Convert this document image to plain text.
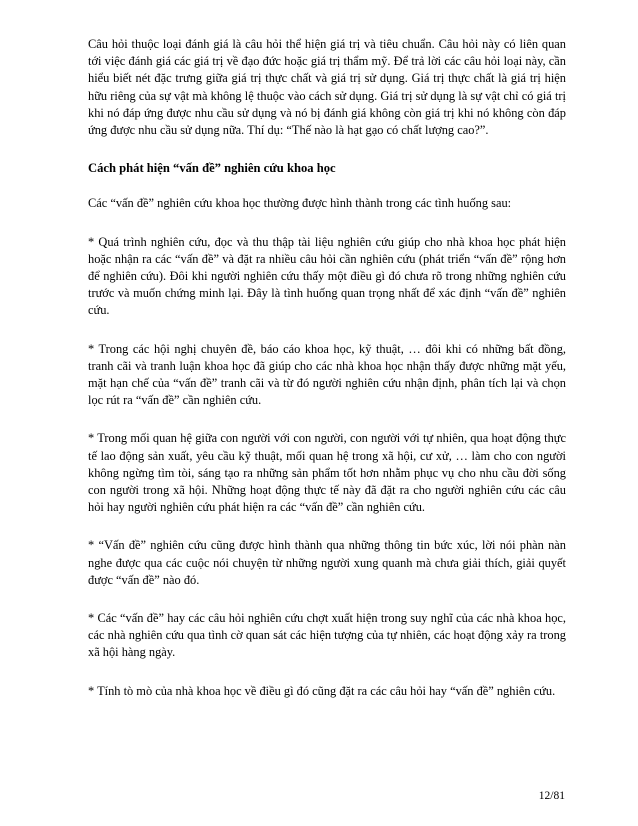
Câu hỏi thuộc loại đánh giá là câu hỏi thể hiện giá trị và tiêu chuẩn. Câu hỏi này có liên quan tới việc đánh giá các giá trị về đạo đức hoặc giá trị thẩm mỹ. Để trả lời các câu hỏi loại này, cần hiểu biết nét đặc trưng giữa giá trị thực chất và giá trị sử dụng. Giá trị thực chất là giá trị hiện hữu riêng của sự vật mà không lệ thuộc vào cách sử dụng. Giá trị sử dụng là sự vật chỉ có giá trị khi nó đáp ứng được nhu cầu sử dụng và nó bị đánh giá không còn giá trị khi nó không còn đáp ứng được nhu cầu sử dụng nữa. Thí dụ: “Thế nào là hạt gạo có chất lượng cao?”.

Cách phát hiện “vấn đề” nghiên cứu khoa học

Các “vấn đề” nghiên cứu khoa học thường được hình thành trong các tình huống sau:

* Quá trình nghiên cứu, đọc và thu thập tài liệu nghiên cứu giúp cho nhà khoa học phát hiện hoặc nhận ra các “vấn đề” và đặt ra nhiều câu hỏi cần nghiên cứu (phát triển “vấn đề” rộng hơn để nghiên cứu). Đôi khi người nghiên cứu thấy một điều gì đó chưa rõ trong những nghiên cứu trước và muốn chứng minh lại. Đây là tình huống quan trọng nhất để xác định “vấn đề” nghiên cứu.

* Trong các hội nghị chuyên đề, báo cáo khoa học, kỹ thuật, … đôi khi có những bất đồng, tranh cãi và tranh luận khoa học đã giúp cho các nhà khoa học nhận thấy được những mặt yếu, mặt hạn chế của “vấn đề” tranh cãi và từ đó người nghiên cứu nhận định, phân tích lại và chọn lọc rút ra “vấn đề” cần nghiên cứu.

* Trong mối quan hệ giữa con người với con người, con người với tự nhiên, qua hoạt động thực tế lao động sản xuất, yêu cầu kỹ thuật, mối quan hệ trong xã hội, cư xử, … làm cho con người không ngừng tìm tòi, sáng tạo ra những sản phẩm tốt hơn nhằm phục vụ cho nhu cầu đời sống con người trong xã hội. Những hoạt động thực tế này đã đặt ra cho người nghiên cứu các câu hỏi hay người nghiên cứu phát hiện ra các “vấn đề” cần nghiên cứu.

* “Vấn đề” nghiên cứu cũng được hình thành qua những thông tin bức xúc, lời nói phàn nàn nghe được qua các cuộc nói chuyện từ những người xung quanh mà chưa giải thích, giải quyết được “vấn đề” nào đó.

* Các “vấn đề” hay các câu hỏi nghiên cứu chợt xuất hiện trong suy nghĩ của các nhà khoa học, các nhà nghiên cứu qua tình cờ quan sát các hiện tượng của tự nhiên, các hoạt động xảy ra trong xã hội hàng ngày.

* Tính tò mò của nhà khoa học về điều gì đó cũng đặt ra các câu hỏi hay “vấn đề” nghiên cứu.

12/81
